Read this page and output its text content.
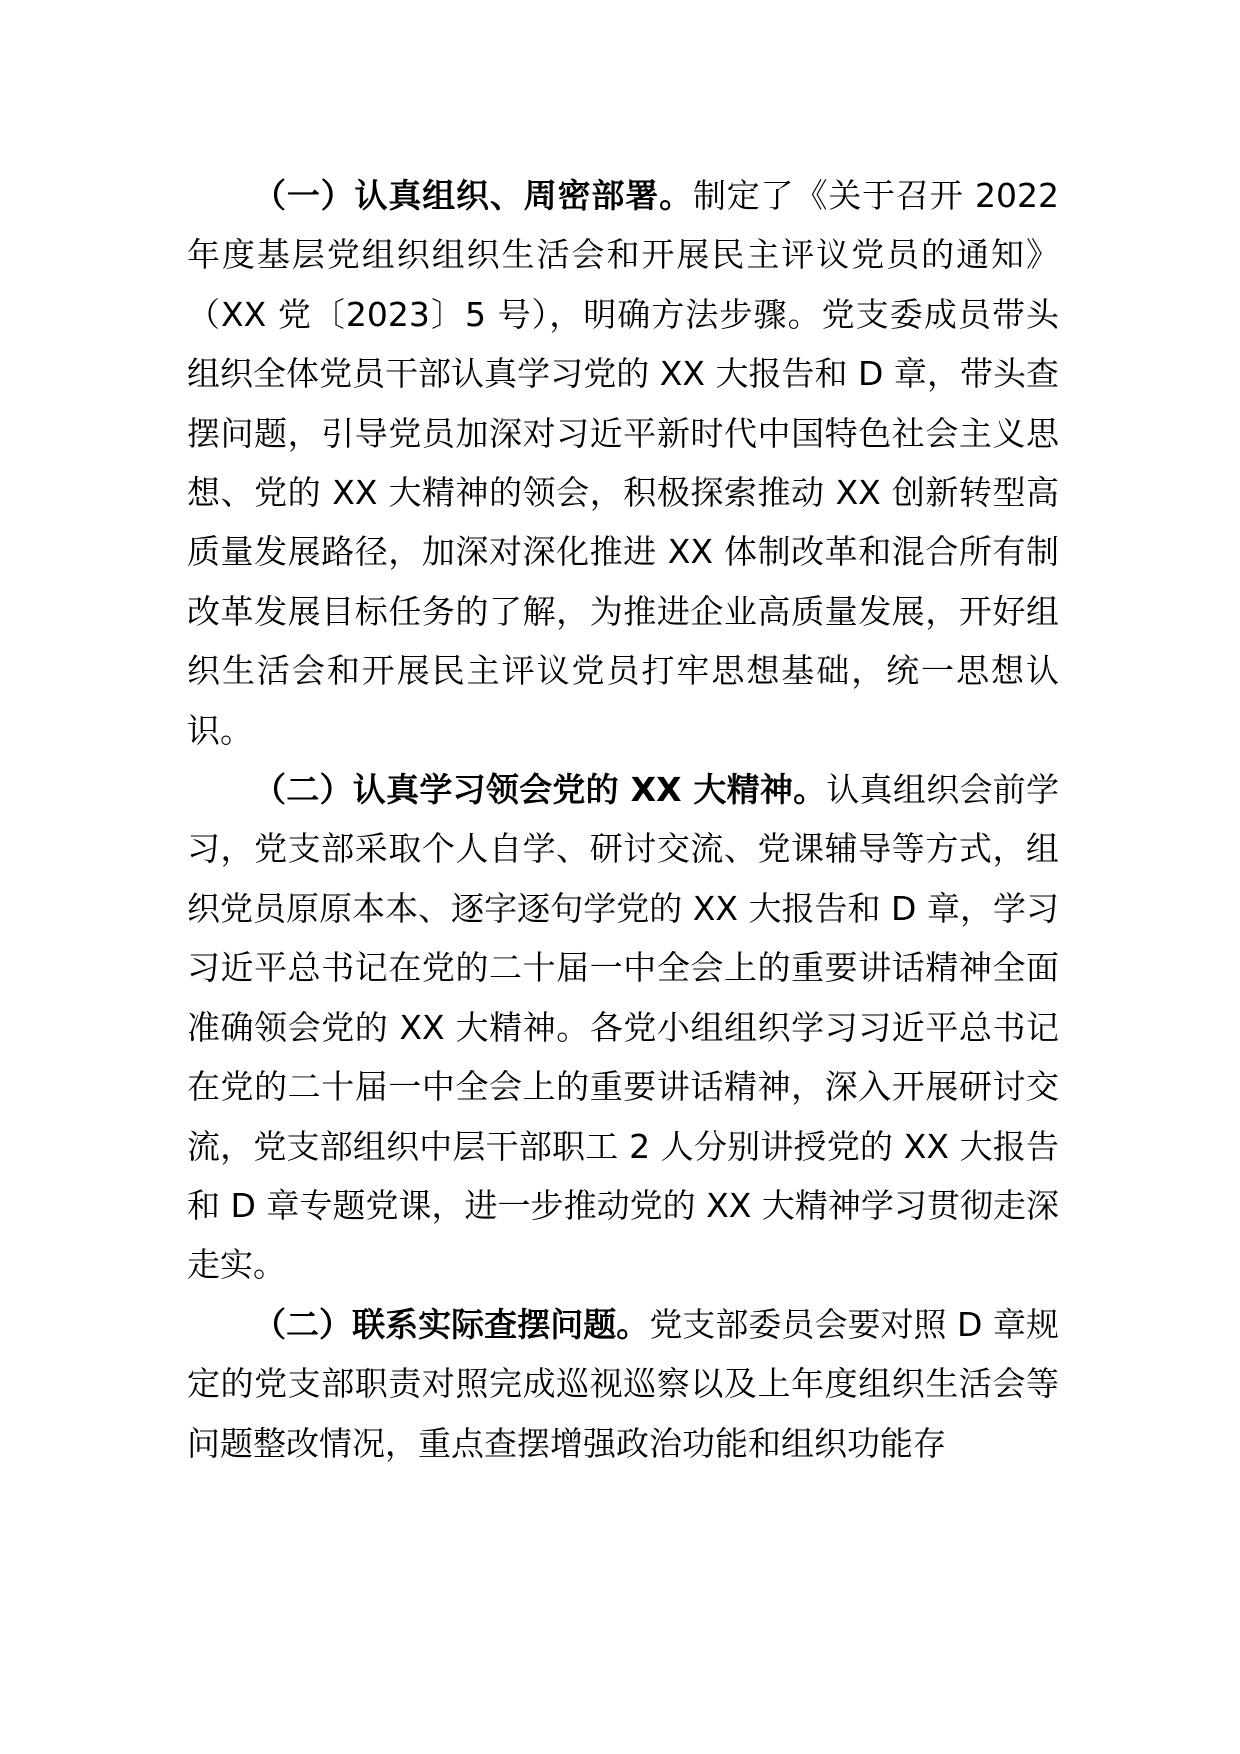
（一）认真组织、周密部署。制定了《关于召开 2022 年度基层党组织组织生活会和开展民主评议党员的通知》（XX 党〔2023〕5 号），明确方法步骤。党支委成员带头组织全体党员干部认真学习党的 XX 大报告和 D 章，带头查摆问题，引导党员加深对习近平新时代中国特色社会主义思想、党的 XX 大精神的领会，积极探索推动 XX 创新转型高质量发展路径，加深对深化推进 XX 体制改革和混合所有制改革发展目标任务的了解，为推进企业高质量发展，开好组织生活会和开展民主评议党员打牢思想基础，统一思想认识。

（二）认真学习领会党的 XX 大精神。认真组织会前学习，党支部采取个人自学、研讨交流、党课辅导等方式，组织党员原原本本、逐字逐句学党的 XX 大报告和 D 章，学习习近平总书记在党的二十届一中全会上的重要讲话精神全面准确领会党的 XX 大精神。各党小组组织学习习近平总书记在党的二十届一中全会上的重要讲话精神，深入开展研讨交流，党支部组织中层干部职工 2 人分别讲授党的 XX 大报告和 D 章专题党课，进一步推动党的 XX 大精神学习贯彻走深走实。

（二）联系实际查摆问题。党支部委员会要对照 D 章规定的党支部职责对照完成巡视巡察以及上年度组织生活会等问题整改情况，重点查摆增强政治功能和组织功能存
